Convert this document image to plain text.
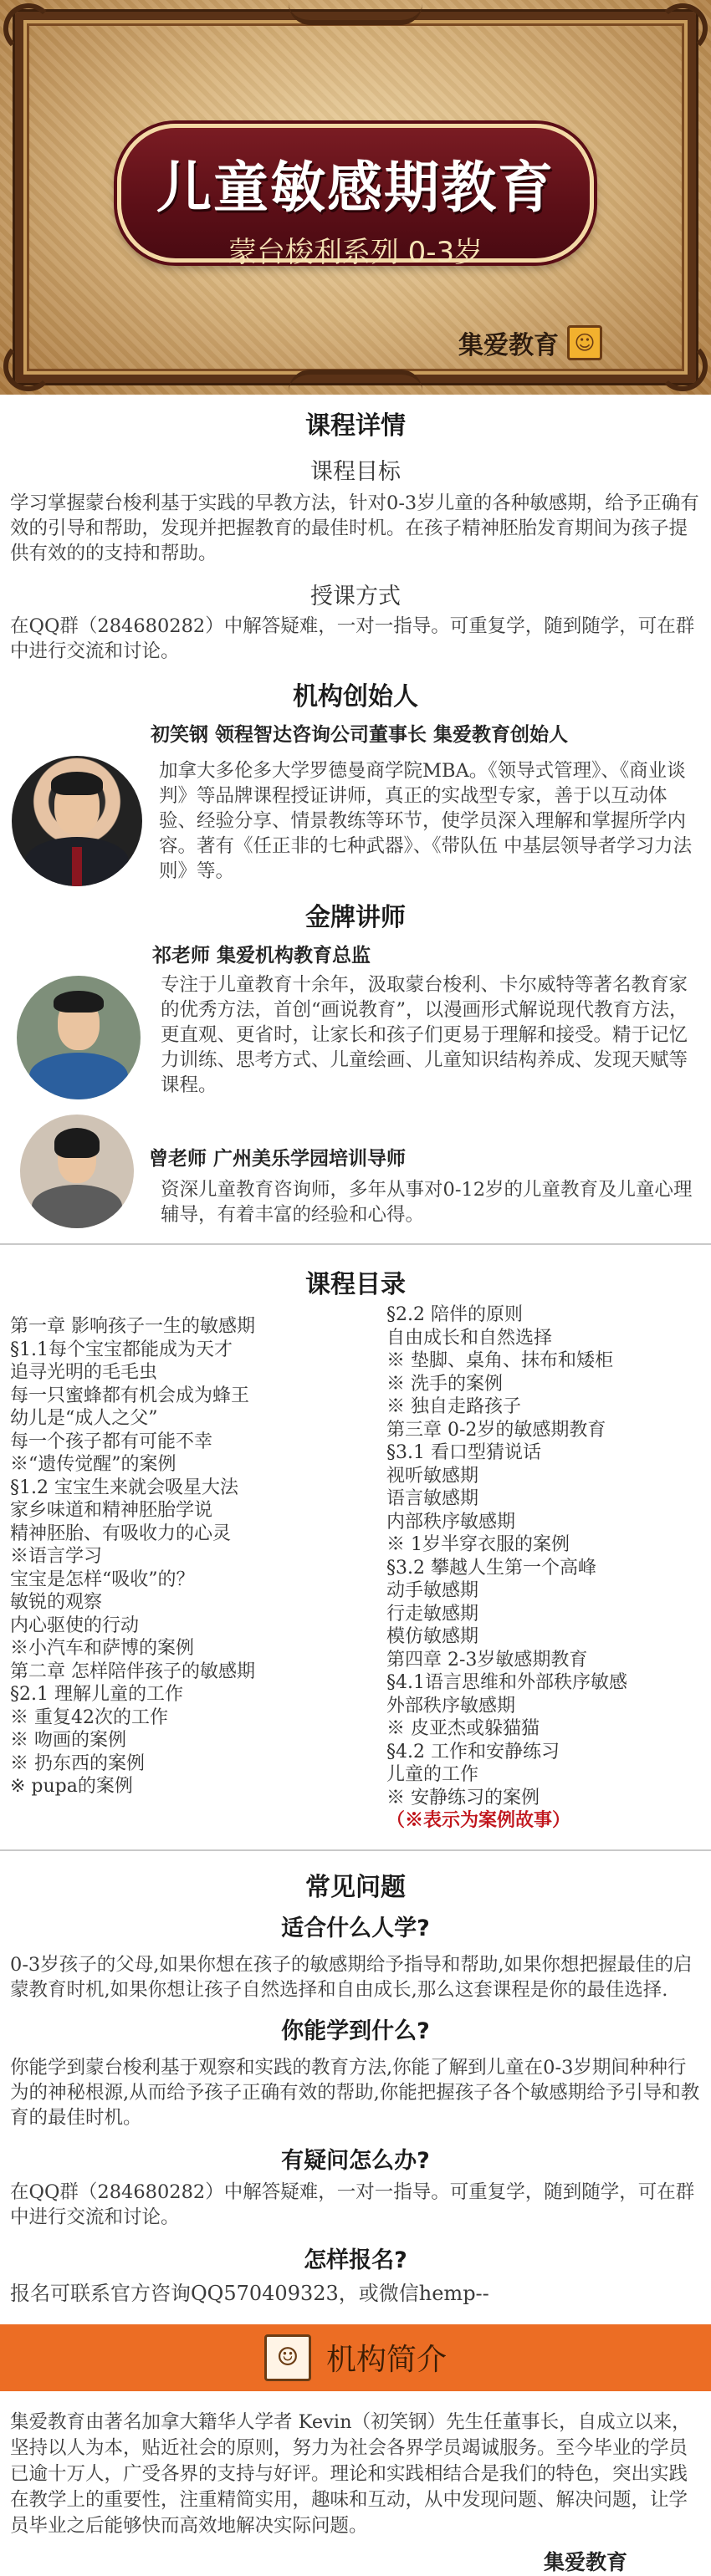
儿童敏感期教育
蒙台梭利系列 0-3岁
集爱教育 ☺
课程详情
课程目标

学习掌握蒙台梭利基于实践的早教方法，针对0-3岁儿童的各种敏感期，给予正确有效的引导和帮助，发现并把握教育的最佳时机。在孩子精神胚胎发育期间为孩子提供有效的的支持和帮助。

授课方式

在QQ群（284680282）中解答疑难，一对一指导。可重复学，随到随学，可在群中进行交流和讨论。

机构创始人
初笑钢 领程智达咨询公司董事长 集爱教育创始人

加拿大多伦多大学罗德曼商学院MBA。《领导式管理》、《商业谈判》等品牌课程授证讲师，真正的实战型专家，善于以互动体验、经验分享、情景教练等环节，使学员深入理解和掌握所学内容。著有《任正非的七种武器》、《带队伍 中基层领导者学习力法则》等。

金牌讲师
祁老师 集爱机构教育总监

专注于儿童教育十余年，汲取蒙台梭利、卡尔威特等著名教育家的优秀方法，首创“画说教育”，以漫画形式解说现代教育方法，更直观、更省时，让家长和孩子们更易于理解和接受。精于记忆力训练、思考方式、儿童绘画、儿童知识结构养成、发现天赋等课程。

曾老师 广州美乐学园培训导师

资深儿童教育咨询师，多年从事对0-12岁的儿童教育及儿童心理辅导，有着丰富的经验和心得。

课程目录
第一章 影响孩子一生的敏感期
§1.1每个宝宝都能成为天才
追寻光明的毛毛虫
每一只蜜蜂都有机会成为蜂王
幼儿是“成人之父”
每一个孩子都有可能不幸
※“遗传觉醒”的案例
§1.2 宝宝生来就会吸星大法
家乡味道和精神胚胎学说
精神胚胎、有吸收力的心灵
※语言学习
宝宝是怎样“吸收”的？
敏锐的观察
内心驱使的行动
※小汽车和萨博的案例
第二章 怎样陪伴孩子的敏感期
§2.1 理解儿童的工作
※ 重复42次的工作
※ 吻画的案例
※ 扔东西的案例
※ pupa的案例
§2.2 陪伴的原则
自由成长和自然选择
※ 垫脚、桌角、抹布和矮柜
※ 洗手的案例
※ 独自走路孩子
第三章 0-2岁的敏感期教育
§3.1 看口型猜说话
视听敏感期
语言敏感期
内部秩序敏感期
※ 1岁半穿衣服的案例
§3.2 攀越人生第一个高峰
动手敏感期
行走敏感期
模仿敏感期
第四章 2-3岁敏感期教育
§4.1语言思维和外部秩序敏感
外部秩序敏感期
※ 皮亚杰或躲猫猫
§4.2 工作和安静练习
儿童的工作
※ 安静练习的案例
（※表示为案例故事）
常见问题
适合什么人学?

0-3岁孩子的父母,如果你想在孩子的敏感期给予指导和帮助,如果你想把握最佳的启蒙教育时机,如果你想让孩子自然选择和自由成长,那么这套课程是你的最佳选择.

你能学到什么?

你能学到蒙台梭利基于观察和实践的教育方法,你能了解到儿童在0-3岁期间种种行为的神秘根源,从而给予孩子正确有效的帮助,你能把握孩子各个敏感期给予引导和教育的最佳时机。

有疑问怎么办?

在QQ群（284680282）中解答疑难，一对一指导。可重复学，随到随学，可在群中进行交流和讨论。

怎样报名?

报名可联系官方咨询QQ570409323，或微信hemp--

☺ 机构简介

集爱教育由著名加拿大籍华人学者 Kevin（初笑钢）先生任董事长，自成立以来，坚持以人为本，贴近社会的原则，努力为社会各界学员竭诚服务。至今毕业的学员已逾十万人，广受各界的支持与好评。理论和实践相结合是我们的特色，突出实践在教学上的重要性，注重精简实用，趣味和互动，从中发现问题、解决问题，让学员毕业之后能够快而高效地解决实际问题。

集爱教育
